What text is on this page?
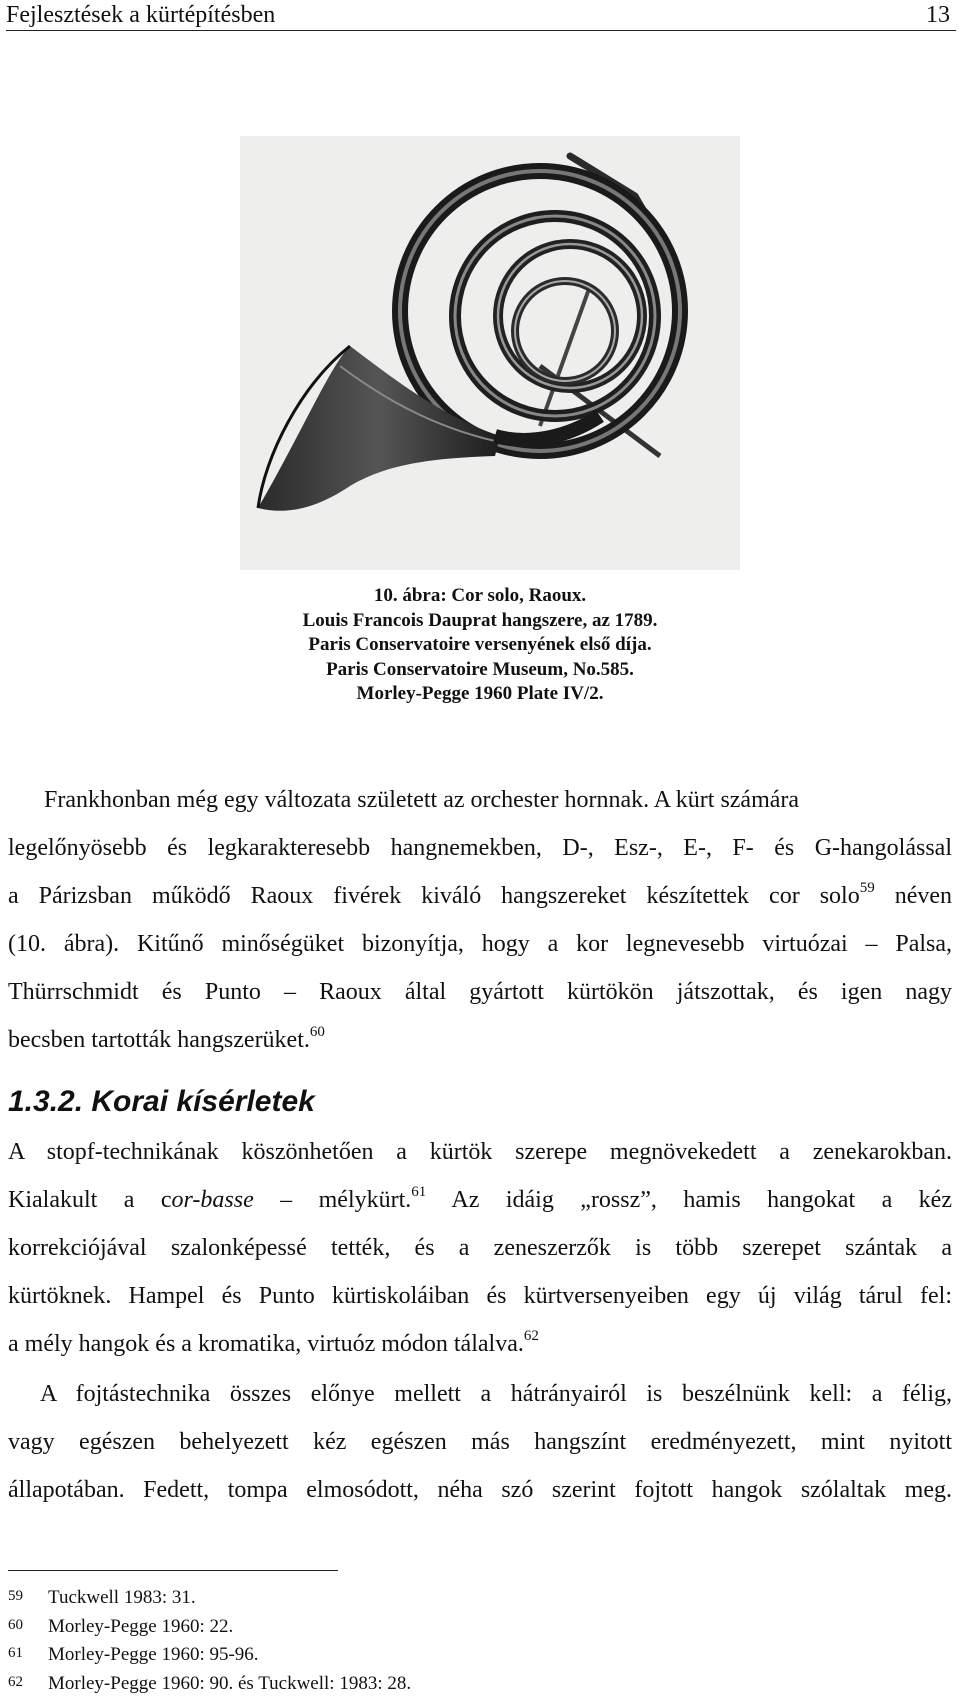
Fejlesztések a kürtépítésben	13
10. ábra: Cor solo, Raoux.
Louis Francois Dauprat hangszere, az 1789.
Paris Conservatoire versenyének első díja.
Paris Conservatoire Museum, No.585.
Morley-Pegge 1960 Plate IV/2.
Frankhonban még egy változata született az orchester hornnak. A kürt számára
legelőnyösebb és legkarakteresebb hangnemekben, D-, Esz-, E-, F- és G-hangolással
a Párizsban működő Raoux fivérek kiváló hangszereket készítettek cor solo$^{59}$ néven
(10. ábra). Kitűnő minőségüket bizonyítja, hogy a kor legnevesebb virtuózai – Palsa,
Thürrschmidt és Punto – Raoux által gyártott kürtökön játszottak, és igen nagy
becsben tartották hangszerüket.$^{60}$
1.3.2. Korai kísérletek
A stopf-technikának köszönhetően a kürtök szerepe megnövekedett a zenekarokban.
Kialakult a cor-basse – mélykürt.$^{61}$ Az idáig „rossz”, hamis hangokat a kéz
korrekciójával szalonképessé tették, és a zeneszerzők is több szerepet szántak a
kürtöknek. Hampel és Punto kürtiskoláiban és kürtversenyeiben egy új világ tárul fel:
a mély hangok és a kromatika, virtuóz módon tálalva.$^{62}$
A fojtástechnika összes előnye mellett a hátrányairól is beszélnünk kell: a félig,
vagy egészen behelyezett kéz egészen más hangszínt eredményezett, mint nyitott
állapotában. Fedett, tompa elmosódott, néha szó szerint fojtott hangok szólaltak meg.
59 Tuckwell 1983: 31.
60 Morley-Pegge 1960: 22.
61 Morley-Pegge 1960: 95-96.
62 Morley-Pegge 1960: 90. és Tuckwell: 1983: 28.
